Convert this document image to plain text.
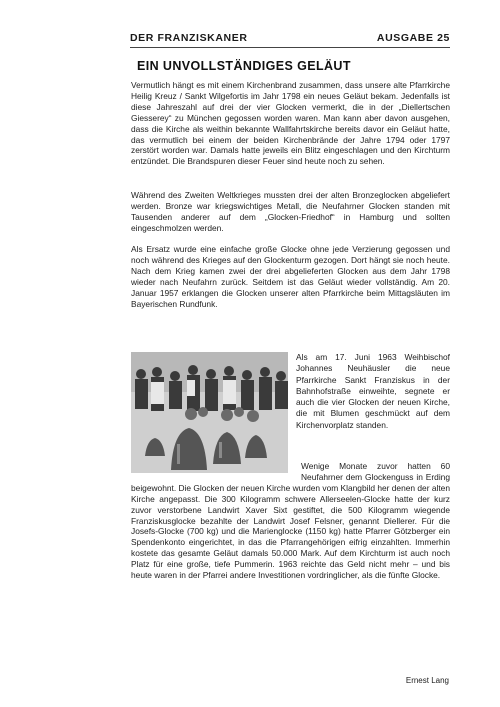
DER FRANZISKANER	AUSGABE 25
EIN UNVOLLSTÄNDIGES GELÄUT
Vermutlich hängt es mit einem Kirchenbrand zusammen, dass unsere alte Pfarrkirche Heilig Kreuz / Sankt Wilgefortis im Jahr 1798 ein neues Geläut bekam. Jedenfalls ist diese Jahreszahl auf drei der vier Glocken vermerkt, die in der „Diellertschen Giesserey“ zu München gegossen worden waren. Man kann aber davon ausgehen, dass die Kirche als weithin bekannte Wallfahrtskirche bereits davor ein Geläut hatte, das vermutlich bei einem der beiden Kirchenbrände der Jahre 1794 oder 1797 zerstört worden war. Damals hatte jeweils ein Blitz eingeschlagen und den Kirchturm entzündet. Die Brandspuren dieser Feuer sind heute noch zu sehen.
Während des Zweiten Weltkrieges mussten drei der alten Bronzeglocken abgeliefert werden. Bronze war kriegswichtiges Metall, die Neufahrner Glocken standen mit Tausenden anderer auf dem „Glocken-Friedhof“ in Hamburg und sollten eingeschmolzen werden.
Als Ersatz wurde eine einfache große Glocke ohne jede Verzierung gegossen und noch während des Krieges auf den Glockenturm gezogen. Dort hängt sie noch heute. Nach dem Krieg kamen zwei der drei abgelieferten Glocken aus dem Jahr 1798 wieder nach Neufahrn zurück. Seitdem ist das Geläut wieder vollständig. Am 20. Januar 1957 erklangen die Glocken unserer alten Pfarrkirche beim Mittagsläuten im Bayerischen Rundfunk.
Als am 17. Juni 1963 Weihbischof Johannes Neuhäusler die neue Pfarrkirche Sankt Franziskus in der Bahnhofstraße einweihte, segnete er auch die vier Glocken der neuen Kirche, die mit Blumen geschmückt auf dem Kirchenvorplatz standen.
Wenige Monate zuvor hatten 60 Neufahrner dem Glockenguss in Erding beigewohnt. Die Glocken der neuen Kirche wurden vom Klangbild her denen der alten Kirche angepasst. Die 300 Kilogramm schwere Allerseelen-Glocke hatte der kurz zuvor verstorbene Landwirt Xaver Sixt gestiftet, die 500 Kilogramm wiegende Franziskusglocke bezahlte der Landwirt Josef Felsner, genannt Diellerer. Für die Josefs-Glocke (700 kg) und die Marienglocke (1150 kg) hatte Pfarrer Götzberger ein Spendenkonto eingerichtet, in das die Pfarrangehörigen eifrig einzahlten. Immerhin kostete das gesamte Geläut damals 50.000 Mark. Auf dem Kirchturm ist auch noch Platz für eine große, tiefe Pummerin. 1963 reichte das Geld nicht mehr – und bis heute waren in der Pfarrei andere Investitionen vordringlicher, als die fünfte Glocke.
Ernest Lang
